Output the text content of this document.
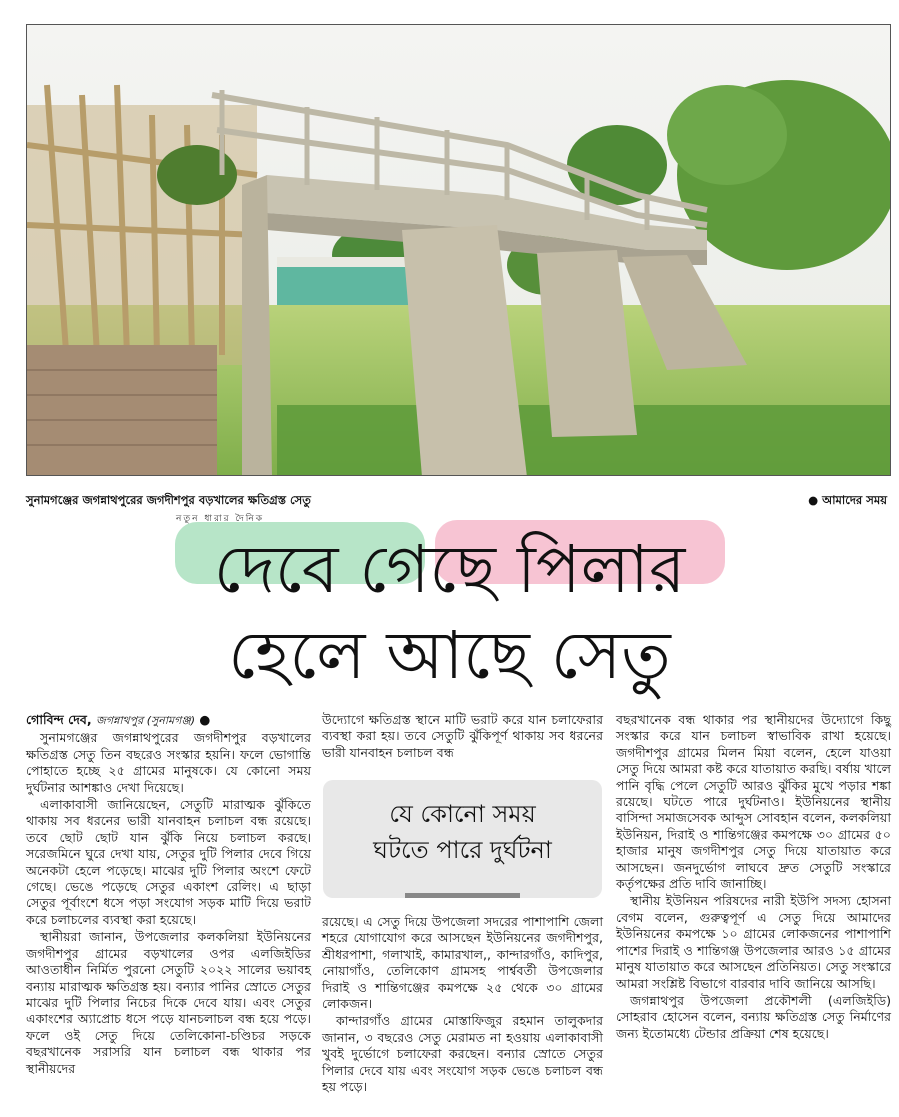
সুনামগঞ্জের জগন্নাথপুরের জগদীশপুর বড়খালের ক্ষতিগ্রস্ত সেতু	● আমাদের সময়
নতুন ধারার দৈনিক
দেবে গেছে পিলার
হেলে আছে সেতু

গোবিন্দ দেব, জগন্নাথপুর (সুনামগঞ্জ) ●

সুনামগঞ্জের জগন্নাথপুরের জগদীশপুর বড়খালের ক্ষতিগ্রস্ত সেতু তিন বছরেও সংস্কার হয়নি। ফলে ভোগান্তি পোহাতে হচ্ছে ২৫ গ্রামের মানুষকে। যে কোনো সময় দুর্ঘটনার আশঙ্কাও দেখা দিয়েছে।

এলাকাবাসী জানিয়েছেন, সেতুটি মারাত্মক ঝুঁকিতে থাকায় সব ধরনের ভারী যানবাহন চলাচল বন্ধ রয়েছে। তবে ছোট ছোট যান ঝুঁকি নিয়ে চলাচল করছে। সরেজমিনে ঘুরে দেখা যায়, সেতুর দুটি পিলার দেবে গিয়ে অনেকটা হেলে পড়েছে। মাঝের দুটি পিলার অংশে ফেটে গেছে। ভেঙে পড়েছে সেতুর একাংশ রেলিং। এ ছাড়া সেতুর পূর্বাংশে ধসে পড়া সংযোগ সড়ক মাটি দিয়ে ভরাট করে চলাচলের ব্যবস্থা করা হয়েছে।

স্থানীয়রা জানান, উপজেলার কলকলিয়া ইউনিয়নের জগদীশপুর গ্রামের বড়খালের ওপর এলজিইডির আওতাধীন নির্মিত পুরনো সেতুটি ২০২২ সালের ভয়াবহ বন্যায় মারাত্মক ক্ষতিগ্রস্ত হয়। বন্যার পানির স্রোতে সেতুর মাঝের দুটি পিলার নিচের দিকে দেবে যায়। এবং সেতুর একাংশের অ্যাপ্রোচ ধসে পড়ে যানচলাচল বন্ধ হয়ে পড়ে। ফলে ওই সেতু দিয়ে তেলিকোনা-চণ্ডিচর সড়কে বছরখানেক সরাসরি যান চলাচল বন্ধ থাকার পর স্থানীয়দের

উদ্যোগে ক্ষতিগ্রস্ত স্থানে মাটি ভরাট করে যান চলাফেরার ব্যবস্থা করা হয়। তবে সেতুটি ঝুঁকিপূর্ণ থাকায় সব ধরনের ভারী যানবাহন চলাচল বন্ধ

যে কোনো সময়
ঘটতে পারে দুর্ঘটনা

রয়েছে। এ সেতু দিয়ে উপজেলা সদরের পাশাপাশি জেলা শহরে যোগাযোগ করে আসছেন ইউনিয়নের জগদীশপুর, শ্রীধরপাশা, গলাখাই, কামারখাল,, কান্দারগাঁও, কাদিপুর, নোয়াগাঁও, তেলিকোণ গ্রামসহ পার্শ্ববর্তী উপজেলার দিরাই ও শান্তিগঞ্জের কমপক্ষে ২৫ থেকে ৩০ গ্রামের লোকজন।

কান্দারগাঁও গ্রামের মোস্তাফিজুর রহমান তালুকদার জানান, ৩ বছরেও সেতু মেরামত না হওয়ায় এলাকাবাসী খুবই দুর্ভোগে চলাফেরা করছেন। বন্যার স্রোতে সেতুর পিলার দেবে যায় এবং সংযোগ সড়ক ভেঙে চলাচল বন্ধ হয় পড়ে।

বছরখানেক বন্ধ থাকার পর স্থানীয়দের উদ্যোগে কিছু সংস্কার করে যান চলাচল স্বাভাবিক রাখা হয়েছে। জগদীশপুর গ্রামের মিলন মিয়া বলেন, হেলে যাওয়া সেতু দিয়ে আমরা কষ্ট করে যাতায়াত করছি। বর্ষায় খালে পানি বৃদ্ধি পেলে সেতুটি আরও ঝুঁকির মুখে পড়ার শঙ্কা রয়েছে। ঘটতে পারে দুর্ঘটনাও। ইউনিয়নের স্থানীয় বাসিন্দা সমাজসেবক আব্দুস সোবহান বলেন, কলকলিয়া ইউনিয়ন, দিরাই ও শান্তিগঞ্জের কমপক্ষে ৩০ গ্রামের ৫০ হাজার মানুষ জগদীশপুর সেতু দিয়ে যাতায়াত করে আসছেন। জনদুর্ভোগ লাঘবে দ্রুত সেতুটি সংস্কারে কর্তৃপক্ষের প্রতি দাবি জানাচ্ছি।

স্থানীয় ইউনিয়ন পরিষদের নারী ইউপি সদস্য হোসনা বেগম বলেন, গুরুত্বপূর্ণ এ সেতু দিয়ে আমাদের ইউনিয়নের কমপক্ষে ১০ গ্রামের লোকজনের পাশাপাশি পাশের দিরাই ও শান্তিগঞ্জ উপজেলার আরও ১৫ গ্রামের মানুষ যাতায়াত করে আসছেন প্রতিনিয়ত। সেতু সংস্কারে আমরা সংশ্লিষ্ট বিভাগে বারবার দাবি জানিয়ে আসছি।

জগন্নাথপুর উপজেলা প্রকৌশলী (এলজিইডি) সোহরাব হোসেন বলেন, বন্যায় ক্ষতিগ্রস্ত সেতু নির্মাণের জন্য ইতোমধ্যে টেন্ডার প্রক্রিয়া শেষ হয়েছে।
